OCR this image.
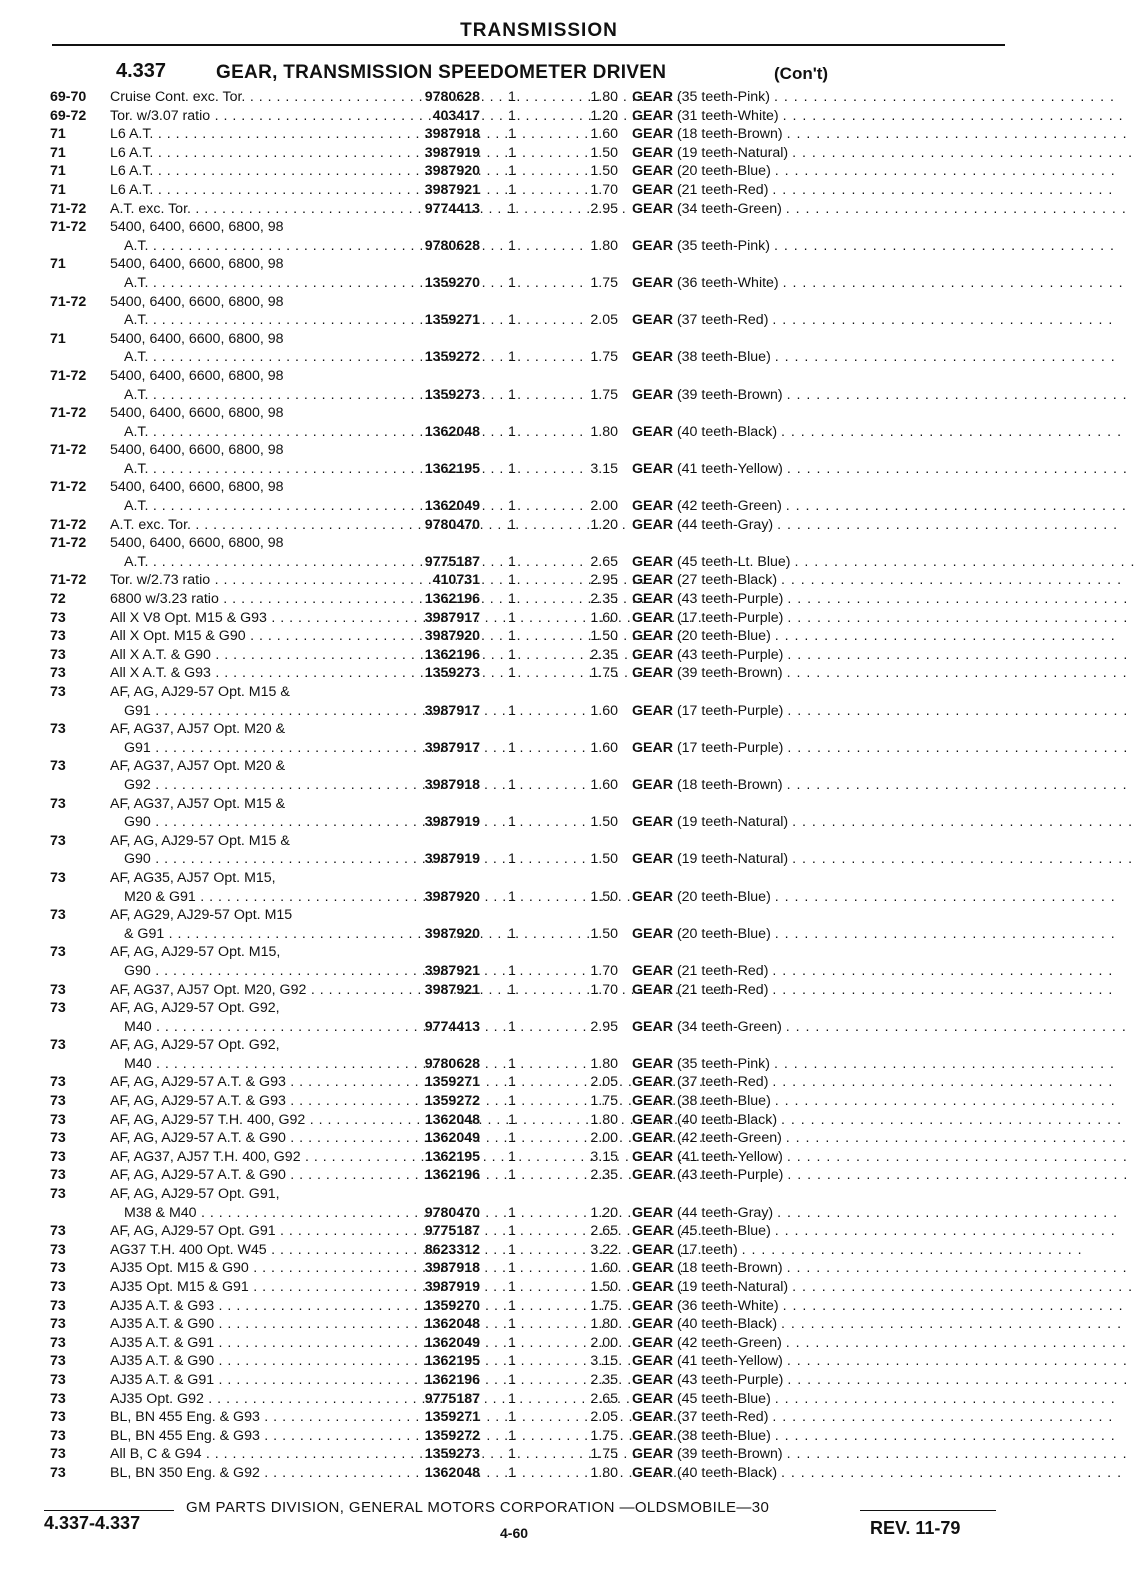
TRANSMISSION
4.337	GEAR, TRANSMISSION SPEEDOMETER DRIVEN	(Con't)
69-70	Cruise Cont. exc. Tor. . . .	9780628	1	1.80 GEAR (35 teeth-Pink) . . . . . . . . . . . . . . . . . . . . . . . . . . . . . . . . . . .
69-72	Tor. w/3.07 ratio . . .	403417	1	1.20 GEAR (31 teeth-White) . . . . . . . . . . . . . . . . . . . . . . . . . . . . . . . . . . .
71	L6 A.T. . . .	3987918	1	1.60 GEAR (18 teeth-Brown) . . . . . . . . . . . . . . . . . . . . . . . . . . . . . . . . . . .
71	L6 A.T. . . .	3987919	1	1.50 GEAR (19 teeth-Natural) . . . . . . . . . . . . . . . . . . . . . . . . . . . . . . . . . . .
71	L6 A.T. . . .	3987920	1	1.50 GEAR (20 teeth-Blue) . . . . . . . . . . . . . . . . . . . . . . . . . . . . . . . . . . .
71	L6 A.T. . . .	3987921	1	1.70 GEAR (21 teeth-Red) . . . . . . . . . . . . . . . . . . . . . . . . . . . . . . . . . . .
71-72	A.T. exc. Tor. . . .	9774413	1	2.95 GEAR (34 teeth-Green) . . . . . . . . . . . . . . . . . . . . . . . . . . . . . . . . . . .
71-72	5400, 6400, 6600, 6800, 98
A.T. . . .	9780628	1	1.80 GEAR (35 teeth-Pink) . . . . . . . . . . . . . . . . . . . . . . . . . . . . . . . . . . .
71	5400, 6400, 6600, 6800, 98
A.T. . . .	1359270	1	1.75 GEAR (36 teeth-White) . . . . . . . . . . . . . . . . . . . . . . . . . . . . . . . . . . .
71-72	5400, 6400, 6600, 6800, 98
A.T. . . .	1359271	1	2.05 GEAR (37 teeth-Red) . . . . . . . . . . . . . . . . . . . . . . . . . . . . . . . . . . .
71	5400, 6400, 6600, 6800, 98
A.T. . . .	1359272	1	1.75 GEAR (38 teeth-Blue) . . . . . . . . . . . . . . . . . . . . . . . . . . . . . . . . . . .
71-72	5400, 6400, 6600, 6800, 98
A.T. . . .	1359273	1	1.75 GEAR (39 teeth-Brown) . . . . . . . . . . . . . . . . . . . . . . . . . . . . . . . . . . .
71-72	5400, 6400, 6600, 6800, 98
A.T. . . .	1362048	1	1.80 GEAR (40 teeth-Black) . . . . . . . . . . . . . . . . . . . . . . . . . . . . . . . . . . .
71-72	5400, 6400, 6600, 6800, 98
A.T. . . .	1362195	1	3.15 GEAR (41 teeth-Yellow) . . . . . . . . . . . . . . . . . . . . . . . . . . . . . . . . . . .
71-72	5400, 6400, 6600, 6800, 98
A.T. . . .	1362049	1	2.00 GEAR (42 teeth-Green) . . . . . . . . . . . . . . . . . . . . . . . . . . . . . . . . . . .
71-72	A.T. exc. Tor. . . .	9780470	1	1.20 GEAR (44 teeth-Gray) . . . . . . . . . . . . . . . . . . . . . . . . . . . . . . . . . . .
71-72	5400, 6400, 6600, 6800, 98
A.T. . . .	9775187	1	2.65 GEAR (45 teeth-Lt. Blue) . . . . . . . . . . . . . . . . . . . . . . . . . . . . . . . . . . .
71-72	Tor. w/2.73 ratio . . .	410731	1	2.95 GEAR (27 teeth-Black) . . . . . . . . . . . . . . . . . . . . . . . . . . . . . . . . . . .
72	6800 w/3.23 ratio . . .	1362196	1	2.35 GEAR (43 teeth-Purple) . . . . . . . . . . . . . . . . . . . . . . . . . . . . . . . . . . .
73	All X V8 Opt. M15 & G93 . . .	3987917	1	1.60 GEAR (17 teeth-Purple) . . . . . . . . . . . . . . . . . . . . . . . . . . . . . . . . . . .
73	All X Opt. M15 & G90 . . .	3987920	1	1.50 GEAR (20 teeth-Blue) . . . . . . . . . . . . . . . . . . . . . . . . . . . . . . . . . . .
73	All X A.T. & G90 . . .	1362196	1	2.35 GEAR (43 teeth-Purple) . . . . . . . . . . . . . . . . . . . . . . . . . . . . . . . . . . .
73	All X A.T. & G93 . . .	1359273	1	1.75 GEAR (39 teeth-Brown) . . . . . . . . . . . . . . . . . . . . . . . . . . . . . . . . . . .
73	AF, AG, AJ29-57 Opt. M15 &
G91 . . .	3987917	1	1.60 GEAR (17 teeth-Purple) . . . . . . . . . . . . . . . . . . . . . . . . . . . . . . . . . . .
73	AF, AG37, AJ57 Opt. M20 &
G91 . . .	3987917	1	1.60 GEAR (17 teeth-Purple) . . . . . . . . . . . . . . . . . . . . . . . . . . . . . . . . . . .
73	AF, AG37, AJ57 Opt. M20 &
G92 . . .	3987918	1	1.60 GEAR (18 teeth-Brown) . . . . . . . . . . . . . . . . . . . . . . . . . . . . . . . . . . .
73	AF, AG37, AJ57 Opt. M15 &
G90 . . .	3987919	1	1.50 GEAR (19 teeth-Natural) . . . . . . . . . . . . . . . . . . . . . . . . . . . . . . . . . . .
73	AF, AG, AJ29-57 Opt. M15 &
G90 . . .	3987919	1	1.50 GEAR (19 teeth-Natural) . . . . . . . . . . . . . . . . . . . . . . . . . . . . . . . . . . .
73	AF, AG35, AJ57 Opt. M15,
M20 & G91 . . .	3987920	1	1.50 GEAR (20 teeth-Blue) . . . . . . . . . . . . . . . . . . . . . . . . . . . . . . . . . . .
73	AF, AG29, AJ29-57 Opt. M15
& G91 . . .	3987920	1	1.50 GEAR (20 teeth-Blue) . . . . . . . . . . . . . . . . . . . . . . . . . . . . . . . . . . .
73	AF, AG, AJ29-57 Opt. M15,
G90 . . .	3987921	1	1.70 GEAR (21 teeth-Red) . . . . . . . . . . . . . . . . . . . . . . . . . . . . . . . . . . .
73	AF, AG37, AJ57 Opt. M20, G92 . . .	3987921	1	1.70 GEAR (21 teeth-Red) . . . . . . . . . . . . . . . . . . . . . . . . . . . . . . . . . . .
73	AF, AG, AJ29-57 Opt. G92,
M40 . . .	9774413	1	2.95 GEAR (34 teeth-Green) . . . . . . . . . . . . . . . . . . . . . . . . . . . . . . . . . . .
73	AF, AG, AJ29-57 Opt. G92,
M40 . . .	9780628	1	1.80 GEAR (35 teeth-Pink) . . . . . . . . . . . . . . . . . . . . . . . . . . . . . . . . . . .
73	AF, AG, AJ29-57 A.T. & G93 . . .	1359271	1	2.05 GEAR (37 teeth-Red) . . . . . . . . . . . . . . . . . . . . . . . . . . . . . . . . . . .
73	AF, AG, AJ29-57 A.T. & G93 . . .	1359272	1	1.75 GEAR (38 teeth-Blue) . . . . . . . . . . . . . . . . . . . . . . . . . . . . . . . . . . .
73	AF, AG, AJ29-57 T.H. 400, G92 . . .	1362048	1	1.80 GEAR (40 teeth-Black) . . . . . . . . . . . . . . . . . . . . . . . . . . . . . . . . . . .
73	AF, AG, AJ29-57 A.T. & G90 . . .	1362049	1	2.00 GEAR (42 teeth-Green) . . . . . . . . . . . . . . . . . . . . . . . . . . . . . . . . . . .
73	AF, AG37, AJ57 T.H. 400, G92 . . .	1362195	1	3.15 GEAR (41 teeth-Yellow) . . . . . . . . . . . . . . . . . . . . . . . . . . . . . . . . . . .
73	AF, AG, AJ29-57 A.T. & G90 . . .	1362196	1	2.35 GEAR (43 teeth-Purple) . . . . . . . . . . . . . . . . . . . . . . . . . . . . . . . . . . .
73	AF, AG, AJ29-57 Opt. G91,
M38 & M40 . . .	9780470	1	1.20 GEAR (44 teeth-Gray) . . . . . . . . . . . . . . . . . . . . . . . . . . . . . . . . . . .
73	AF, AG, AJ29-57 Opt. G91 . . .	9775187	1	2.65 GEAR (45 teeth-Blue) . . . . . . . . . . . . . . . . . . . . . . . . . . . . . . . . . . .
73	AG37 T.H. 400 Opt. W45 . . .	8623312	1	3.22 GEAR (17 teeth) . . . . . . . . . . . . . . . . . . . . . . . . . . . . . . . . . . .
73	AJ35 Opt. M15 & G90 . . .	3987918	1	1.60 GEAR (18 teeth-Brown) . . . . . . . . . . . . . . . . . . . . . . . . . . . . . . . . . . .
73	AJ35 Opt. M15 & G91 . . .	3987919	1	1.50 GEAR (19 teeth-Natural) . . . . . . . . . . . . . . . . . . . . . . . . . . . . . . . . . . .
73	AJ35 A.T. & G93 . . .	1359270	1	1.75 GEAR (36 teeth-White) . . . . . . . . . . . . . . . . . . . . . . . . . . . . . . . . . . .
73	AJ35 A.T. & G90 . . .	1362048	1	1.80 GEAR (40 teeth-Black) . . . . . . . . . . . . . . . . . . . . . . . . . . . . . . . . . . .
73	AJ35 A.T. & G91 . . .	1362049	1	2.00 GEAR (42 teeth-Green) . . . . . . . . . . . . . . . . . . . . . . . . . . . . . . . . . . .
73	AJ35 A.T. & G90 . . .	1362195	1	3.15 GEAR (41 teeth-Yellow) . . . . . . . . . . . . . . . . . . . . . . . . . . . . . . . . . . .
73	AJ35 A.T. & G91 . . .	1362196	1	2.35 GEAR (43 teeth-Purple) . . . . . . . . . . . . . . . . . . . . . . . . . . . . . . . . . . .
73	AJ35 Opt. G92 . . .	9775187	1	2.65 GEAR (45 teeth-Blue) . . . . . . . . . . . . . . . . . . . . . . . . . . . . . . . . . . .
73	BL, BN 455 Eng. & G93 . . .	1359271	1	2.05 GEAR (37 teeth-Red) . . . . . . . . . . . . . . . . . . . . . . . . . . . . . . . . . . .
73	BL, BN 455 Eng. & G93 . . .	1359272	1	1.75 GEAR (38 teeth-Blue) . . . . . . . . . . . . . . . . . . . . . . . . . . . . . . . . . . .
73	All B, C & G94 . . .	1359273	1	1.75 GEAR (39 teeth-Brown) . . . . . . . . . . . . . . . . . . . . . . . . . . . . . . . . . . .
73	BL, BN 350 Eng. & G92 . . .	1362048	1	1.80 GEAR (40 teeth-Black) . . . . . . . . . . . . . . . . . . . . . . . . . . . . . . . . . . .
4.337-4.337
GM PARTS DIVISION, GENERAL MOTORS CORPORATION —OLDSMOBILE—30
4-60	REV. 11-79
